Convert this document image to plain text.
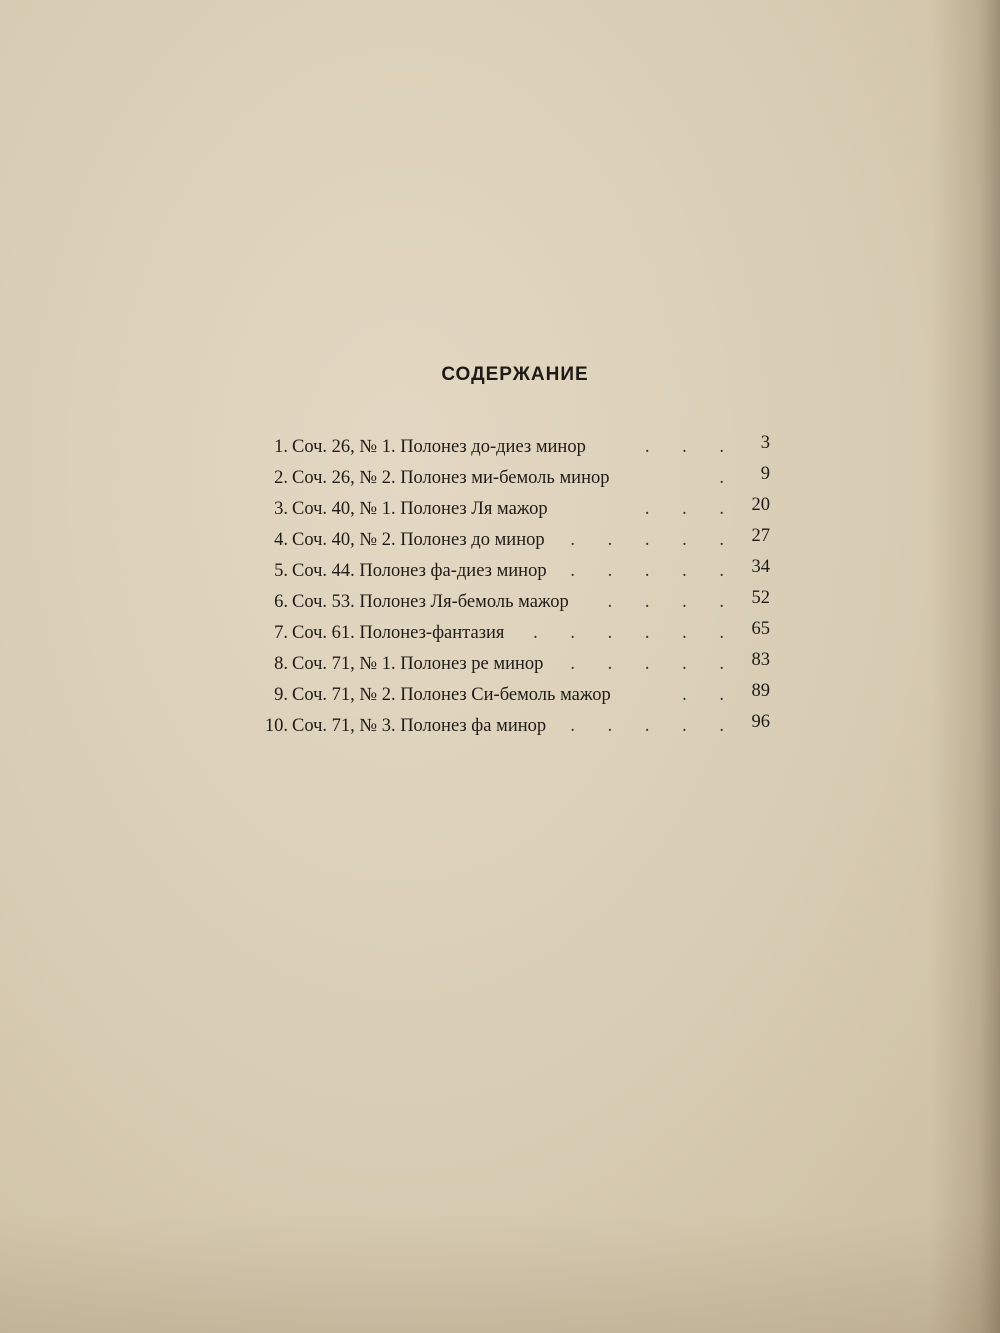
СОДЕРЖАНИЕ
1. Соч. 26, № 1. Полонез до-диез минор	. . .	3
2. Соч. 26, № 2. Полонез ми-бемоль минор	.	9
3. Соч. 40, № 1. Полонез Ля мажор	. . . 20
4. Соч. 40, № 2. Полонез до минор	. . . . . 27
5. Соч. 44. Полонез фа-диез минор	. . . . . 34
6. Соч. 53. Полонез Ля-бемоль мажор	. . . . 52
7. Соч. 61. Полонез-фантазия	. . . . . . 65
8. Соч. 71, № 1. Полонез ре минор	. . . . . 83
9. Соч. 71, № 2. Полонез Си-бемоль мажор	. . 89
10. Соч. 71, № 3. Полонез фа минор	. . . . . 96
